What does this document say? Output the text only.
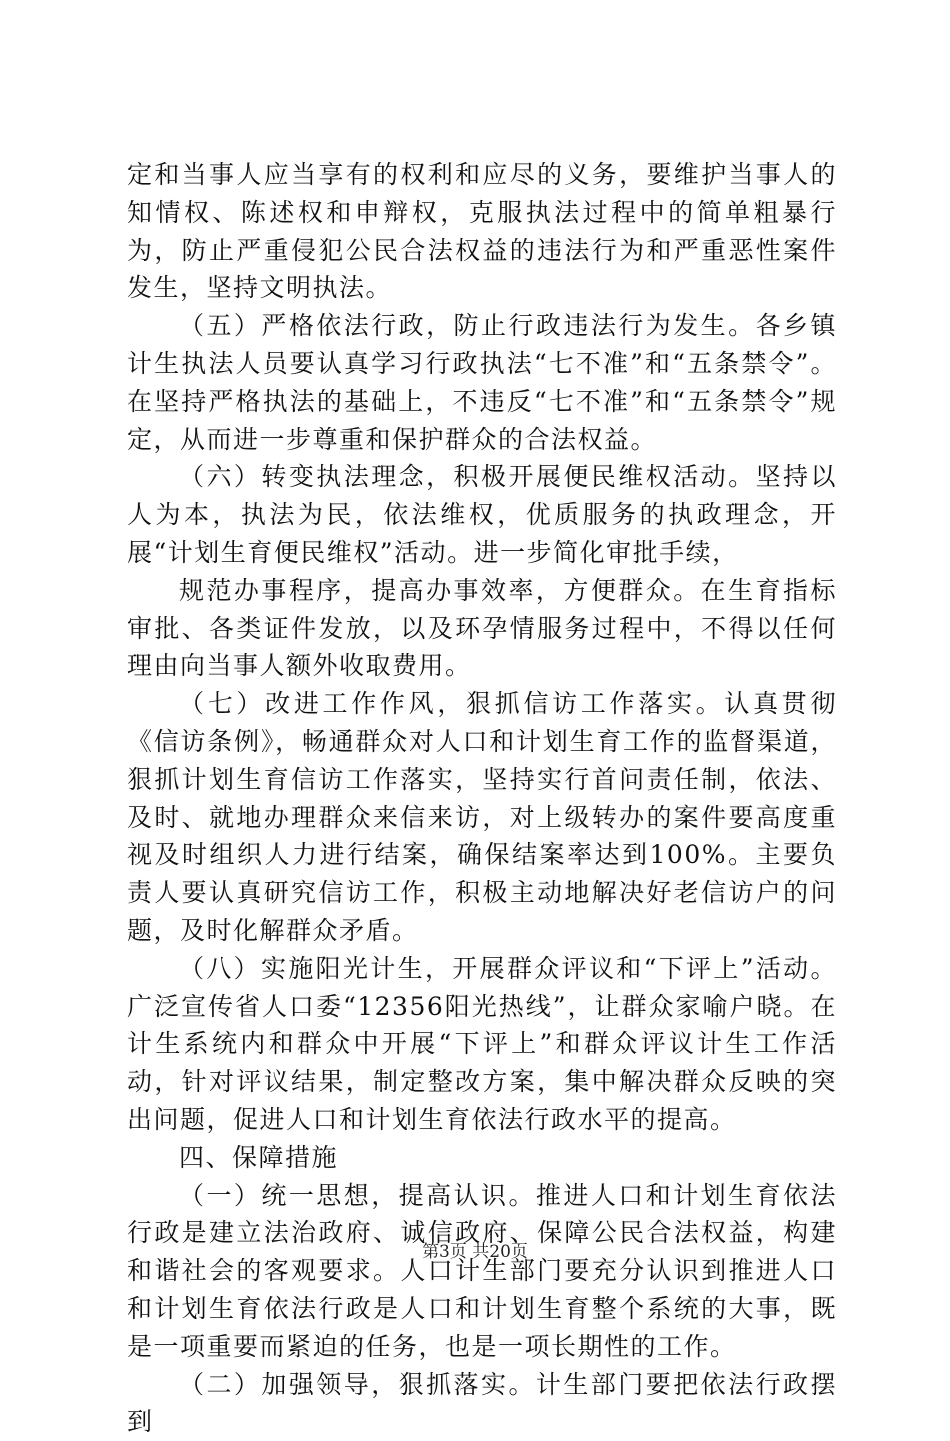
定和当事人应当享有的权利和应尽的义务，要维护当事人的知情权、陈述权和申辩权，克服执法过程中的简单粗暴行为，防止严重侵犯公民合法权益的违法行为和严重恶性案件发生，坚持文明执法。

（五）严格依法行政，防止行政违法行为发生。各乡镇计生执法人员要认真学习行政执法“七不准”和“五条禁令”。在坚持严格执法的基础上，不违反“七不准”和“五条禁令”规定，从而进一步尊重和保护群众的合法权益。

（六）转变执法理念，积极开展便民维权活动。坚持以人为本，执法为民，依法维权，优质服务的执政理念，开展“计划生育便民维权”活动。进一步简化审批手续，

规范办事程序，提高办事效率，方便群众。在生育指标审批、各类证件发放，以及环孕情服务过程中，不得以任何理由向当事人额外收取费用。

（七）改进工作作风，狠抓信访工作落实。认真贯彻《信访条例》，畅通群众对人口和计划生育工作的监督渠道，狠抓计划生育信访工作落实，坚持实行首问责任制，依法、及时、就地办理群众来信来访，对上级转办的案件要高度重视及时组织人力进行结案，确保结案率达到100%。主要负责人要认真研究信访工作，积极主动地解决好老信访户的问题，及时化解群众矛盾。

（八）实施阳光计生，开展群众评议和“下评上”活动。广泛宣传省人口委“12356阳光热线”，让群众家喻户晓。在计生系统内和群众中开展“下评上”和群众评议计生工作活动，针对评议结果，制定整改方案，集中解决群众反映的突出问题，促进人口和计划生育依法行政水平的提高。

四、保障措施

（一）统一思想，提高认识。推进人口和计划生育依法行政是建立法治政府、诚信政府、保障公民合法权益，构建和谐社会的客观要求。人口计生部门要充分认识到推进人口和计划生育依法行政是人口和计划生育整个系统的大事，既是一项重要而紧迫的任务，也是一项长期性的工作。

（二）加强领导，狠抓落实。计生部门要把依法行政摆到

第3页 共20页
